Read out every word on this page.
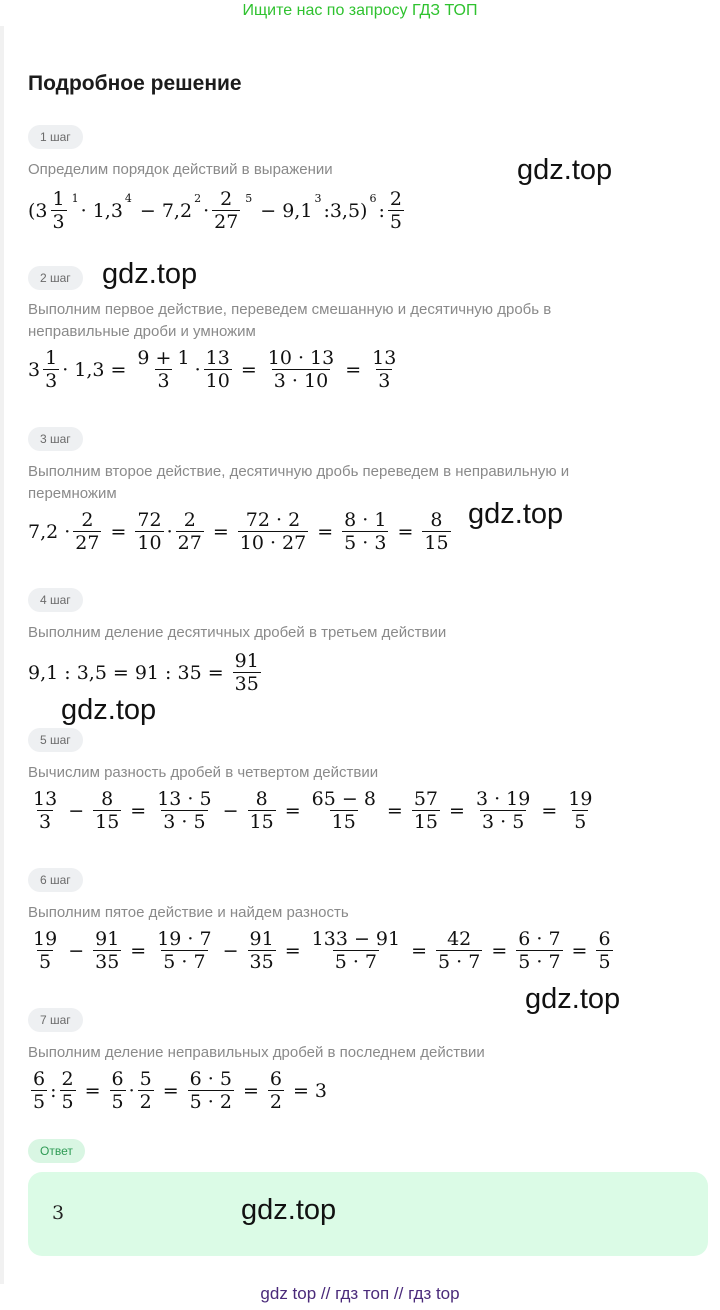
Ищите нас по запросу ГДЗ ТОП
Подробное решение
1 шаг
Определим порядок действий в выражении
($3 \frac{1}{3} 1$
· 1,3
4
− 7,2
2
· $\frac{2}{27} 5$
− 9,1
3
: 3,5)
6
: $\frac{2}{5}$
gdz.top
2 шаг	gdz.top
Выполним первое действие, переведем смешанную и десятичную дробь в неправильные дроби и умножим
$3 \frac{1}{3} \cdot 1,3 = \frac{9 + 1}{3} \cdot \frac{13}{10} = \frac{10 \cdot 13}{3 \cdot 10} = \frac{13}{3}$
3 шаг
Выполним второе действие, десятичную дробь переведем в неправильную и перемножим
$7,2 \cdot \frac{2}{27} = \frac{72}{10} \cdot \frac{2}{27} = \frac{72 \cdot 2}{10 \cdot 27} = \frac{8 \cdot 1}{5 \cdot 3} = \frac{8}{15} gdz.top$
4 шаг
Выполним деление десятичных дробей в третьем действии
9,1 : 3,5 = 91 : $35 = \frac{91}{35}$
gdz.top
5 шаг
Вычислим разность дробей в четвертом действии
$\frac{13}{3} - \frac{8}{15} = \frac{13 \cdot 5}{3 \cdot 5} - \frac{8}{15} = \frac{65 - 8}{15} = \frac{57}{15} = \frac{3 \cdot 19}{3 \cdot 5} = \frac{19}{5}$
6 шаг
Выполним пятое действие и найдем разность
$\frac{19}{5} - \frac{91}{35} = \frac{19 \cdot 7}{5 \cdot 7} - \frac{91}{35} = \frac{133 - 91}{5 \cdot 7} = \frac{42}{5 \cdot 7} = \frac{6 \cdot 7}{5 \cdot 7} = \frac{6}{5}$
gdz.top
7 шаг
Выполним деление неправильных дробей в последнем действии
$\frac{6}{5}$ : $\frac{2}{5} = \frac{6}{5} \cdot \frac{5}{2} = \frac{6 \cdot 5}{5 \cdot 2} = \frac{6}{2} = 3$
Ответ
3	gdz.top
gdz top // гдз топ // гдз top
